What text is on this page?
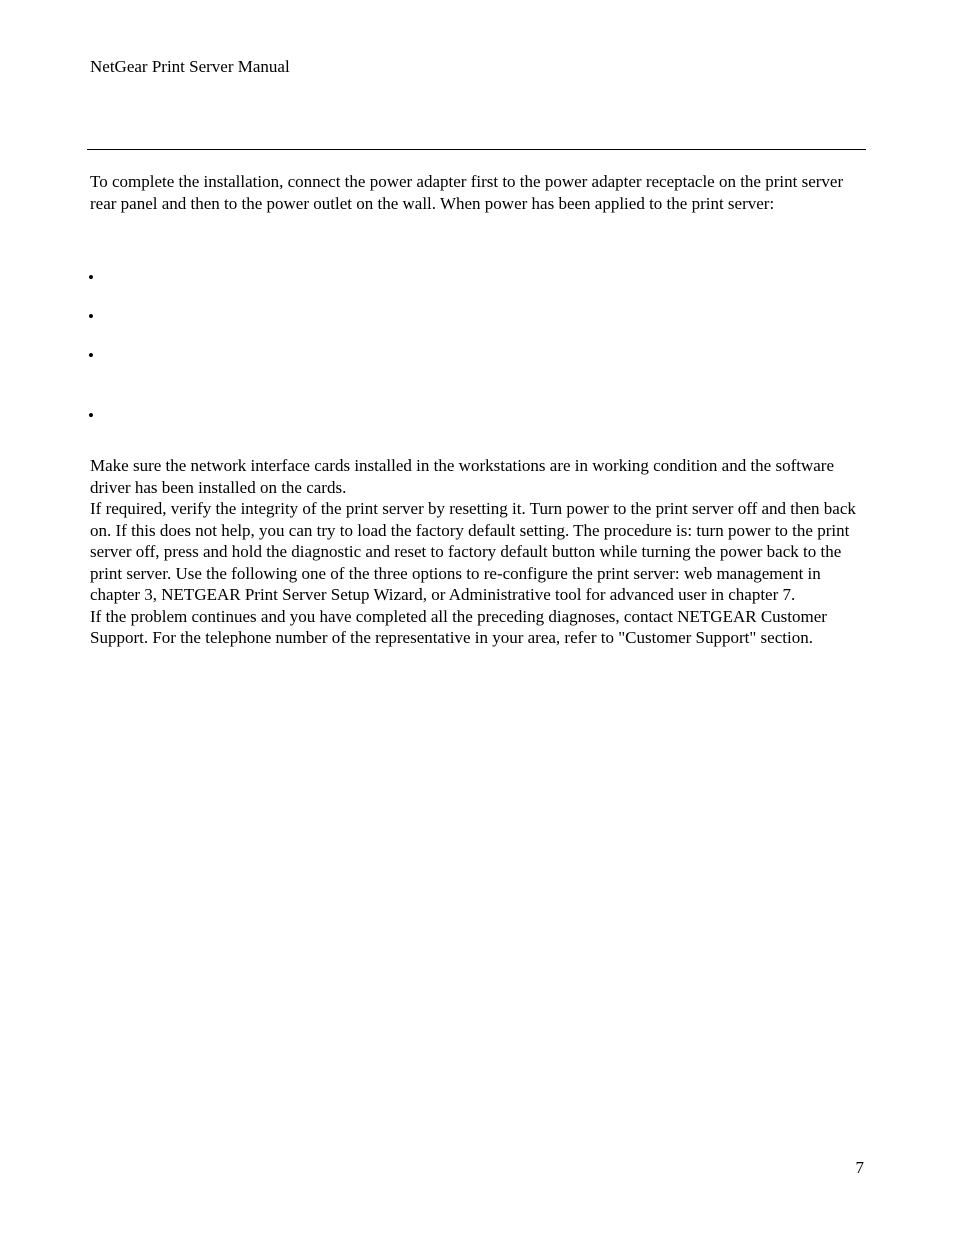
NetGear Print Server Manual

To complete the installation, connect the power adapter first to the power adapter receptacle on the print server rear panel and then to the power outlet on the wall. When power has been applied to the print server:

•
•
•
•

Make sure the network interface cards installed in the workstations are in working condition and the software driver has been installed on the cards.

If required, verify the integrity of the print server by resetting it. Turn power to the print server off and then back on. If this does not help, you can try to load the factory default setting. The procedure is: turn power to the print server off, press and hold the diagnostic and reset to factory default button while turning the power back to the print server. Use the following one of the three options to re-configure the print server: web management in chapter 3, NETGEAR Print Server Setup Wizard, or Administrative tool for advanced user in chapter 7.

If the problem continues and you have completed all the preceding diagnoses, contact NETGEAR Customer Support. For the telephone number of the representative in your area, refer to "Customer Support" section.

7
